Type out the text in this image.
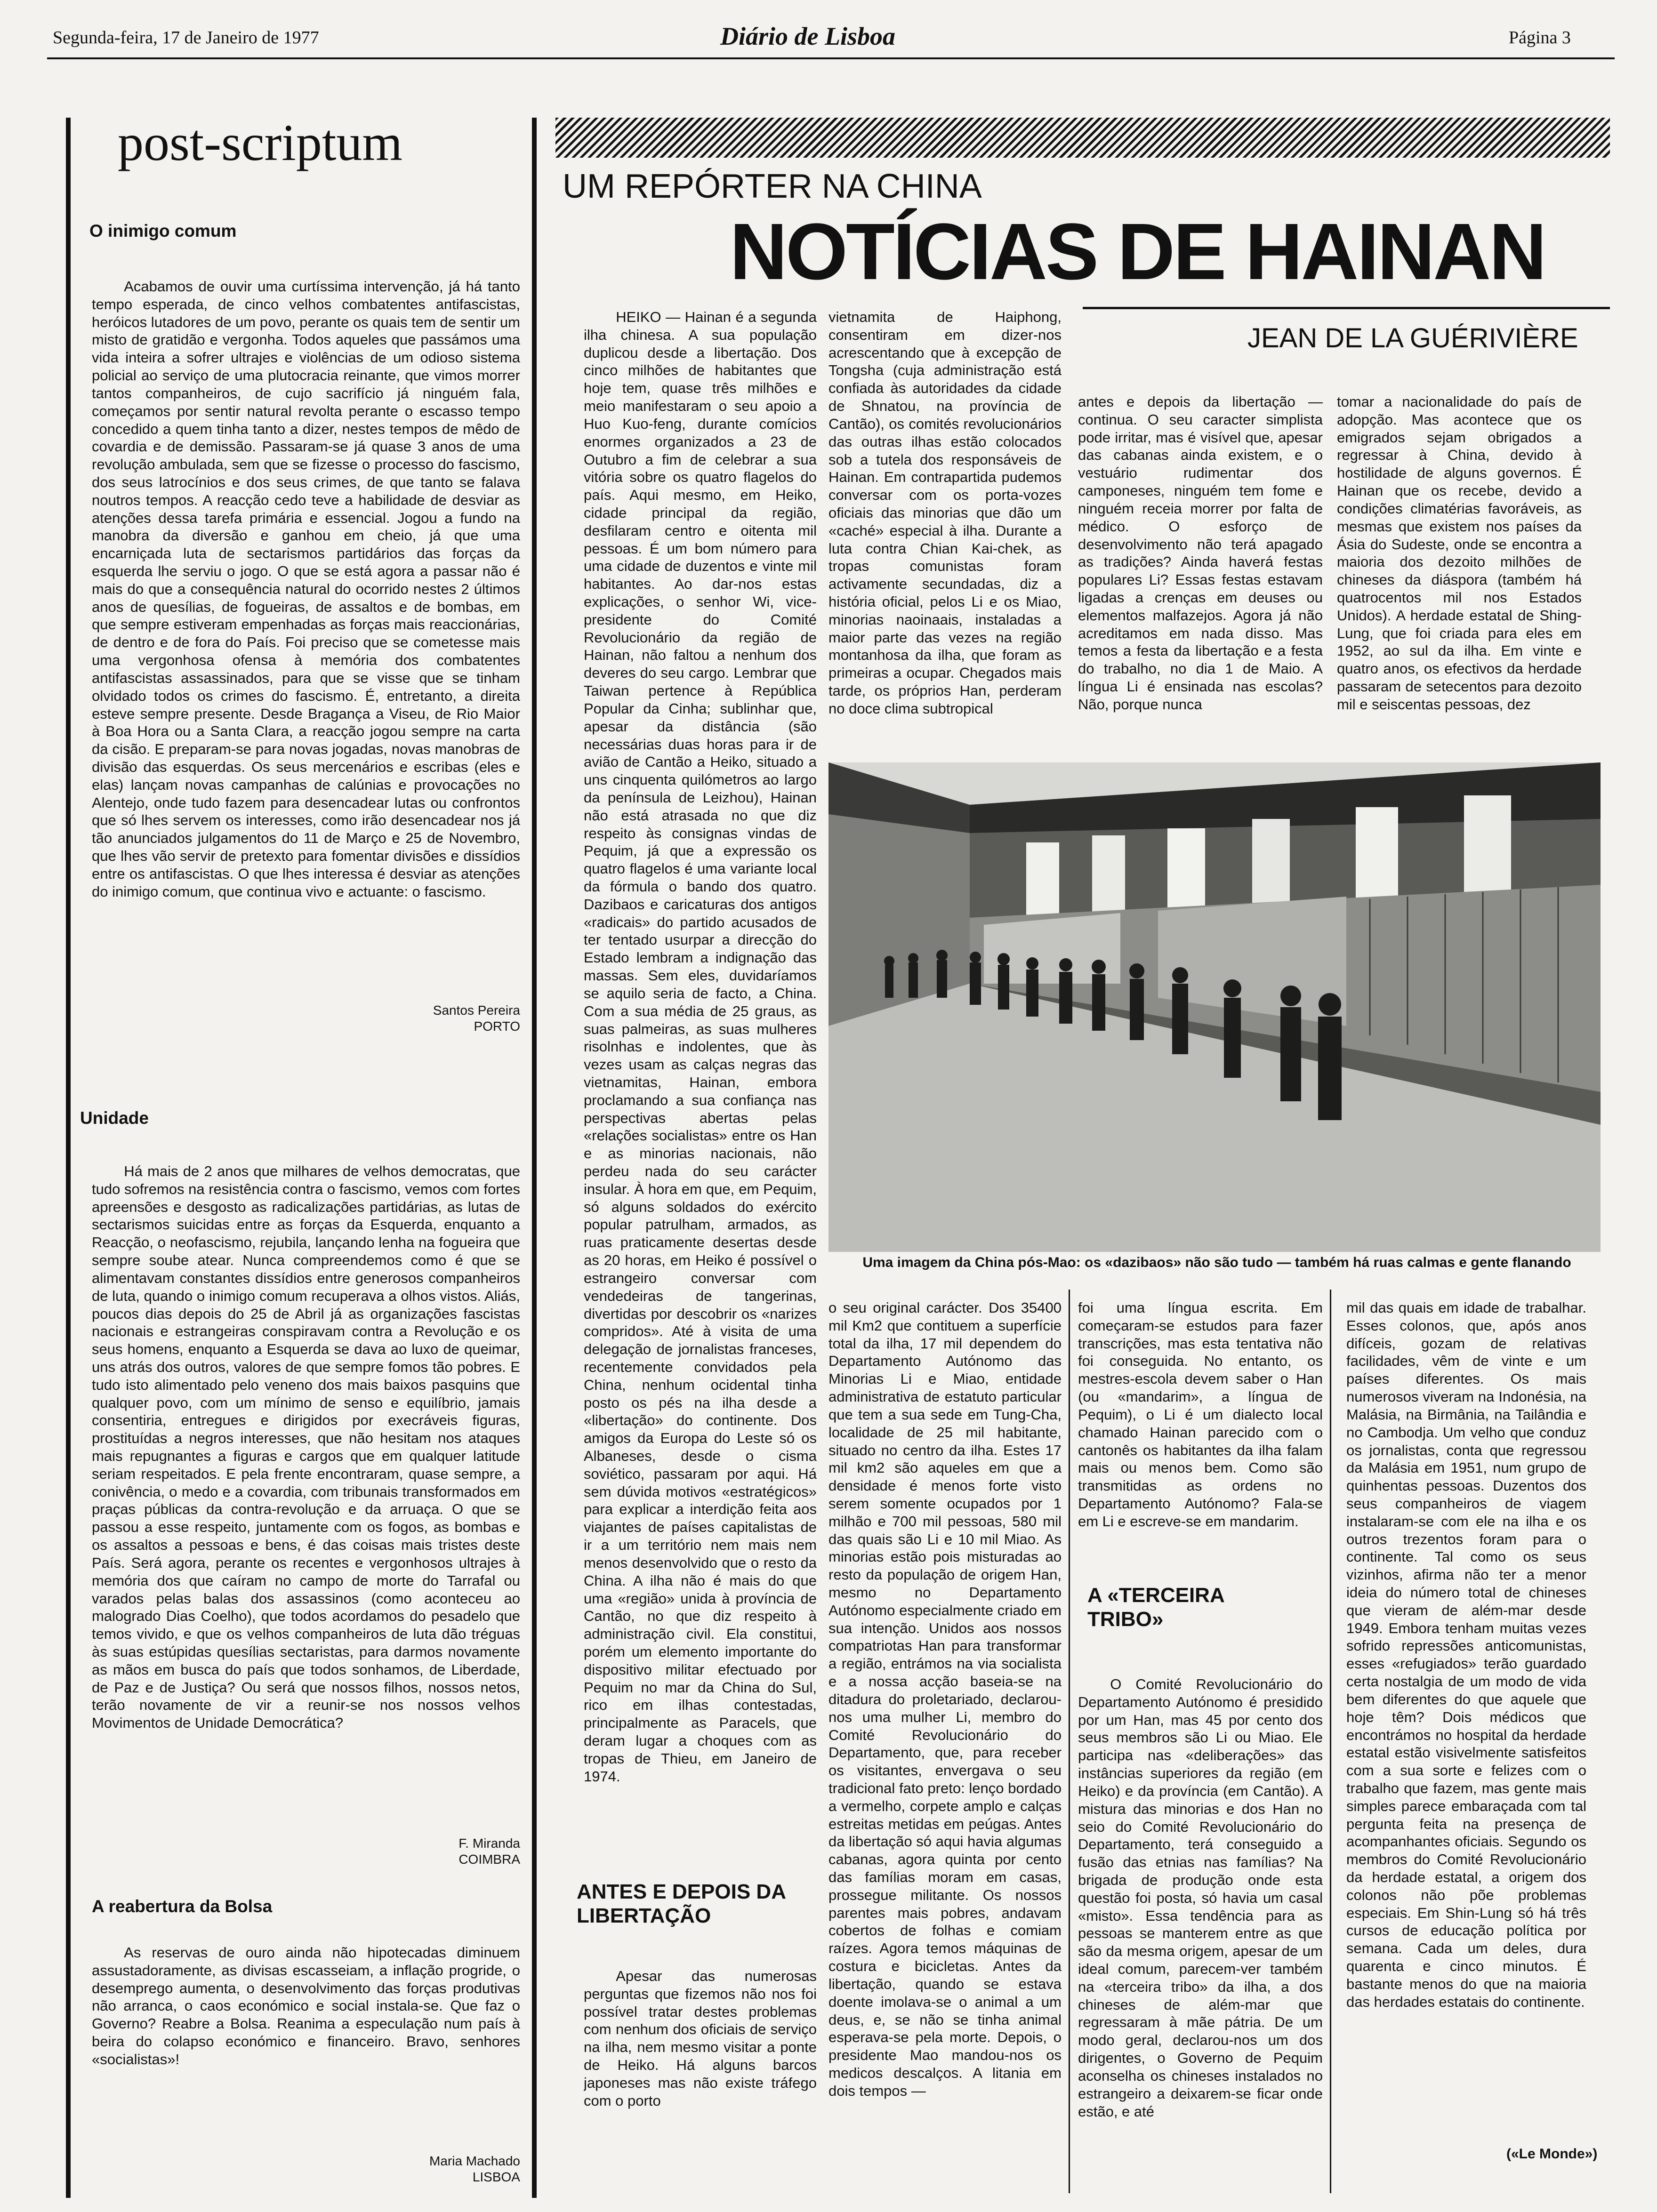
Segunda-feira, 17 de Janeiro de 1977	Diário de Lisboa	Página 3
post-scriptum
O inimigo comum

Acabamos de ouvir uma curtíssima intervenção, já há tanto tempo esperada, de cinco velhos combatentes antifascistas, heróicos lutadores de um povo, perante os quais tem de sentir um misto de gratidão e vergonha. Todos aqueles que passámos uma vida inteira a sofrer ultrajes e violências de um odioso sistema policial ao serviço de uma plutocracia reinante, que vimos morrer tantos companheiros, de cujo sacrifício já ninguém fala, começamos por sentir natural revolta perante o escasso tempo concedido a quem tinha tanto a dizer, nestes tempos de mêdo de covardia e de demissão. Passaram-se já quase 3 anos de uma revolução ambulada, sem que se fizesse o processo do fascismo, dos seus latrocínios e dos seus crimes, de que tanto se falava noutros tempos. A reacção cedo teve a habilidade de desviar as atenções dessa tarefa primária e essencial. Jogou a fundo na manobra da diversão e ganhou em cheio, já que uma encarniçada luta de sectarismos partidários das forças da esquerda lhe serviu o jogo. O que se está agora a passar não é mais do que a consequência natural do ocorrido nestes 2 últimos anos de quesílias, de fogueiras, de assaltos e de bombas, em que sempre estiveram empenhadas as forças mais reaccionárias, de dentro e de fora do País. Foi preciso que se cometesse mais uma vergonhosa ofensa à memória dos combatentes antifascistas assassinados, para que se visse que se tinham olvidado todos os crimes do fascismo. É, entretanto, a direita esteve sempre presente. Desde Bragança a Viseu, de Rio Maior à Boa Hora ou a Santa Clara, a reacção jogou sempre na carta da cisão. E preparam-se para novas jogadas, novas manobras de divisão das esquerdas. Os seus mercenários e escribas (eles e elas) lançam novas campanhas de calúnias e provocações no Alentejo, onde tudo fazem para desencadear lutas ou confrontos que só lhes servem os interesses, como irão desencadear nos já tão anunciados julgamentos do 11 de Março e 25 de Novembro, que lhes vão servir de pretexto para fomentar divisões e dissídios entre os antifascistas. O que lhes interessa é desviar as atenções do inimigo comum, que continua vivo e actuante: o fascismo.

Santos Pereira
PORTO
Unidade

Há mais de 2 anos que milhares de velhos democratas, que tudo sofremos na resistência contra o fascismo, vemos com fortes apreensões e desgosto as radicalizações partidárias, as lutas de sectarismos suicidas entre as forças da Esquerda, enquanto a Reacção, o neofascismo, rejubila, lançando lenha na fogueira que sempre soube atear. Nunca compreendemos como é que se alimentavam constantes dissídios entre generosos companheiros de luta, quando o inimigo comum recuperava a olhos vistos. Aliás, poucos dias depois do 25 de Abril já as organizações fascistas nacionais e estrangeiras conspiravam contra a Revolução e os seus homens, enquanto a Esquerda se dava ao luxo de queimar, uns atrás dos outros, valores de que sempre fomos tão pobres. E tudo isto alimentado pelo veneno dos mais baixos pasquins que qualquer povo, com um mínimo de senso e equilíbrio, jamais consentiria, entregues e dirigidos por execráveis figuras, prostituídas a negros interesses, que não hesitam nos ataques mais repugnantes a figuras e cargos que em qualquer latitude seriam respeitados. E pela frente encontraram, quase sempre, a conivência, o medo e a covardia, com tribunais transformados em praças públicas da contra-revolução e da arruaça. O que se passou a esse respeito, juntamente com os fogos, as bombas e os assaltos a pessoas e bens, é das coisas mais tristes deste País. Será agora, perante os recentes e vergonhosos ultrajes à memória dos que caíram no campo de morte do Tarrafal ou varados pelas balas dos assassinos (como aconteceu ao malogrado Dias Coelho), que todos acordamos do pesadelo que temos vivido, e que os velhos companheiros de luta dão tréguas às suas estúpidas quesílias sectaristas, para darmos novamente as mãos em busca do país que todos sonhamos, de Liberdade, de Paz e de Justiça? Ou será que nossos filhos, nossos netos, terão novamente de vir a reunir-se nos nossos velhos Movimentos de Unidade Democrática?

F. Miranda
COIMBRA
A reabertura da Bolsa

As reservas de ouro ainda não hipotecadas diminuem assustadoramente, as divisas escasseiam, a inflação progride, o desemprego aumenta, o desenvolvimento das forças produtivas não arranca, o caos económico e social instala-se. Que faz o Governo? Reabre a Bolsa. Reanima a especulação num país à beira do colapso económico e financeiro. Bravo, senhores «socialistas»!

Maria Machado
LISBOA
UM REPÓRTER NA CHINA
NOTÍCIAS DE HAINAN
JEAN DE LA GUÉRIVIÈRE

HEIKO — Hainan é a segunda ilha chinesa. A sua população duplicou desde a libertação. Dos cinco milhões de habitantes que hoje tem, quase três milhões e meio manifestaram o seu apoio a Huo Kuo-feng, durante comícios enormes organizados a 23 de Outubro a fim de celebrar a sua vitória sobre os quatro flagelos do país. Aqui mesmo, em Heiko, cidade principal da região, desfilaram centro e oitenta mil pessoas. É um bom número para uma cidade de duzentos e vinte mil habitantes. Ao dar-nos estas explicações, o senhor Wi, vice-presidente do Comité Revolucionário da região de Hainan, não faltou a nenhum dos deveres do seu cargo. Lembrar que Taiwan pertence à República Popular da Cinha; sublinhar que, apesar da distância (são necessárias duas horas para ir de avião de Cantão a Heiko, situado a uns cinquenta quilómetros ao largo da península de Leizhou), Hainan não está atrasada no que diz respeito às consignas vindas de Pequim, já que a expressão os quatro flagelos é uma variante local da fórmula o bando dos quatro. Dazibaos e caricaturas dos antigos «radicais» do partido acusados de ter tentado usurpar a direcção do Estado lembram a indignação das massas. Sem eles, duvidaríamos se aquilo seria de facto, a China. Com a sua média de 25 graus, as suas palmeiras, as suas mulheres risolnhas e indolentes, que às vezes usam as calças negras das vietnamitas, Hainan, embora proclamando a sua confiança nas perspectivas abertas pelas «relações socialistas» entre os Han e as minorias nacionais, não perdeu nada do seu carácter insular. À hora em que, em Pequim, só alguns soldados do exército popular patrulham, armados, as ruas praticamente desertas desde as 20 horas, em Heiko é possível o estrangeiro conversar com vendedeiras de tangerinas, divertidas por descobrir os «narizes compridos». Até à visita de uma delegação de jornalistas franceses, recentemente convidados pela China, nenhum ocidental tinha posto os pés na ilha desde a «libertação» do continente. Dos amigos da Europa do Leste só os Albaneses, desde o cisma soviético, passaram por aqui. Há sem dúvida motivos «estratégicos» para explicar a interdição feita aos viajantes de países capitalistas de ir a um território nem mais nem menos desenvolvido que o resto da China. A ilha não é mais do que uma «região» unida à província de Cantão, no que diz respeito à administração civil. Ela constitui, porém um elemento importante do dispositivo militar efectuado por Pequim no mar da China do Sul, rico em ilhas contestadas, principalmente as Paracels, que deram lugar a choques com as tropas de Thieu, em Janeiro de 1974.

ANTES E DEPOIS DA LIBERTAÇÃO

Apesar das numerosas perguntas que fizemos não nos foi possível tratar destes problemas com nenhum dos oficiais de serviço na ilha, nem mesmo visitar a ponte de Heiko. Há alguns barcos japoneses mas não existe tráfego com o porto

vietnamita de Haiphong, consentiram em dizer-nos acrescentando que à excepção de Tongsha (cuja administração está confiada às autoridades da cidade de Shnatou, na província de Cantão), os comités revolucionários das outras ilhas estão colocados sob a tutela dos responsáveis de Hainan. Em contrapartida pudemos conversar com os porta-vozes oficiais das minorias que dão um «caché» especial à ilha. Durante a luta contra Chian Kai-chek, as tropas comunistas foram activamente secundadas, diz a história oficial, pelos Li e os Miao, minorias naoinaais, instaladas a maior parte das vezes na região montanhosa da ilha, que foram as primeiras a ocupar. Chegados mais tarde, os próprios Han, perderam no doce clima subtropical

o seu original carácter. Dos 35400 mil Km2 que contituem a superfície total da ilha, 17 mil dependem do Departamento Autónomo das Minorias Li e Miao, entidade administrativa de estatuto particular que tem a sua sede em Tung-Cha, localidade de 25 mil habitante, situado no centro da ilha. Estes 17 mil km2 são aqueles em que a densidade é menos forte visto serem somente ocupados por 1 milhão e 700 mil pessoas, 580 mil das quais são Li e 10 mil Miao. As minorias estão pois misturadas ao resto da população de origem Han, mesmo no Departamento Autónomo especialmente criado em sua intenção. Unidos aos nossos compatriotas Han para transformar a região, entrámos na via socialista e a nossa acção baseia-se na ditadura do proletariado, declarou-nos uma mulher Li, membro do Comité Revolucionário do Departamento, que, para receber os visitantes, envergava o seu tradicional fato preto: lenço bordado a vermelho, corpete amplo e calças estreitas metidas em peúgas. Antes da libertação só aqui havia algumas cabanas, agora quinta por cento das famílias moram em casas, prossegue militante. Os nossos parentes mais pobres, andavam cobertos de folhas e comiam raízes. Agora temos máquinas de costura e bicicletas. Antes da libertação, quando se estava doente imolava-se o animal a um deus, e, se não se tinha animal esperava-se pela morte. Depois, o presidente Mao mandou-nos os medicos descalços. A litania em dois tempos —

antes e depois da libertação — continua. O seu caracter simplista pode irritar, mas é visível que, apesar das cabanas ainda existem, e o vestuário rudimentar dos camponeses, ninguém tem fome e ninguém receia morrer por falta de médico. O esforço de desenvolvimento não terá apagado as tradições? Ainda haverá festas populares Li? Essas festas estavam ligadas a crenças em deuses ou elementos malfazejos. Agora já não acreditamos em nada disso. Mas temos a festa da libertação e a festa do trabalho, no dia 1 de Maio. A língua Li é ensinada nas escolas? Não, porque nunca

foi uma língua escrita. Em começaram-se estudos para fazer transcrições, mas esta tentativa não foi conseguida. No entanto, os mestres-escola devem saber o Han (ou «mandarim», a língua de Pequim), o Li é um dialecto local chamado Hainan parecido com o cantonês os habitantes da ilha falam mais ou menos bem. Como são transmitidas as ordens no Departamento Autónomo? Fala-se em Li e escreve-se em mandarim.

A «TERCEIRA TRIBO»

O Comité Revolucionário do Departamento Autónomo é presidido por um Han, mas 45 por cento dos seus membros são Li ou Miao. Ele participa nas «deliberações» das instâncias superiores da região (em Heiko) e da província (em Cantão). A mistura das minorias e dos Han no seio do Comité Revolucionário do Departamento, terá conseguido a fusão das etnias nas famílias? Na brigada de produção onde esta questão foi posta, só havia um casal «misto». Essa tendência para as pessoas se manterem entre as que são da mesma origem, apesar de um ideal comum, parecem-ver também na «terceira tribo» da ilha, a dos chineses de além-mar que regressaram à mãe pátria. De um modo geral, declarou-nos um dos dirigentes, o Governo de Pequim aconselha os chineses instalados no estrangeiro a deixarem-se ficar onde estão, e até

tomar a nacionalidade do país de adopção. Mas acontece que os emigrados sejam obrigados a regressar à China, devido à hostilidade de alguns governos. É Hainan que os recebe, devido a condições climatérias favoráveis, as mesmas que existem nos países da Ásia do Sudeste, onde se encontra a maioria dos dezoito milhões de chineses da diáspora (também há quatrocentos mil nos Estados Unidos). A herdade estatal de Shing-Lung, que foi criada para eles em 1952, ao sul da ilha. Em vinte e quatro anos, os efectivos da herdade passaram de setecentos para dezoito mil e seiscentas pessoas, dez

mil das quais em idade de trabalhar. Esses colonos, que, após anos difíceis, gozam de relativas facilidades, vêm de vinte e um países diferentes. Os mais numerosos viveram na Indonésia, na Malásia, na Birmânia, na Tailândia e no Cambodja. Um velho que conduz os jornalistas, conta que regressou da Malásia em 1951, num grupo de quinhentas pessoas. Duzentos dos seus companheiros de viagem instalaram-se com ele na ilha e os outros trezentos foram para o continente. Tal como os seus vizinhos, afirma não ter a menor ideia do número total de chineses que vieram de além-mar desde 1949. Embora tenham muitas vezes sofrido repressões anticomunistas, esses «refugiados» terão guardado certa nostalgia de um modo de vida bem diferentes do que aquele que hoje têm? Dois médicos que encontrámos no hospital da herdade estatal estão visivelmente satisfeitos com a sua sorte e felizes com o trabalho que fazem, mas gente mais simples parece embaraçada com tal pergunta feita na presença de acompanhantes oficiais. Segundo os membros do Comité Revolucionário da herdade estatal, a origem dos colonos não põe problemas especiais. Em Shin-Lung só há três cursos de educação política por semana. Cada um deles, dura quarenta e cinco minutos. É bastante menos do que na maioria das herdades estatais do continente.

(«Le Monde»)
Uma imagem da China pós-Mao: os «dazibaos» não são tudo — também há ruas calmas e gente flanando
